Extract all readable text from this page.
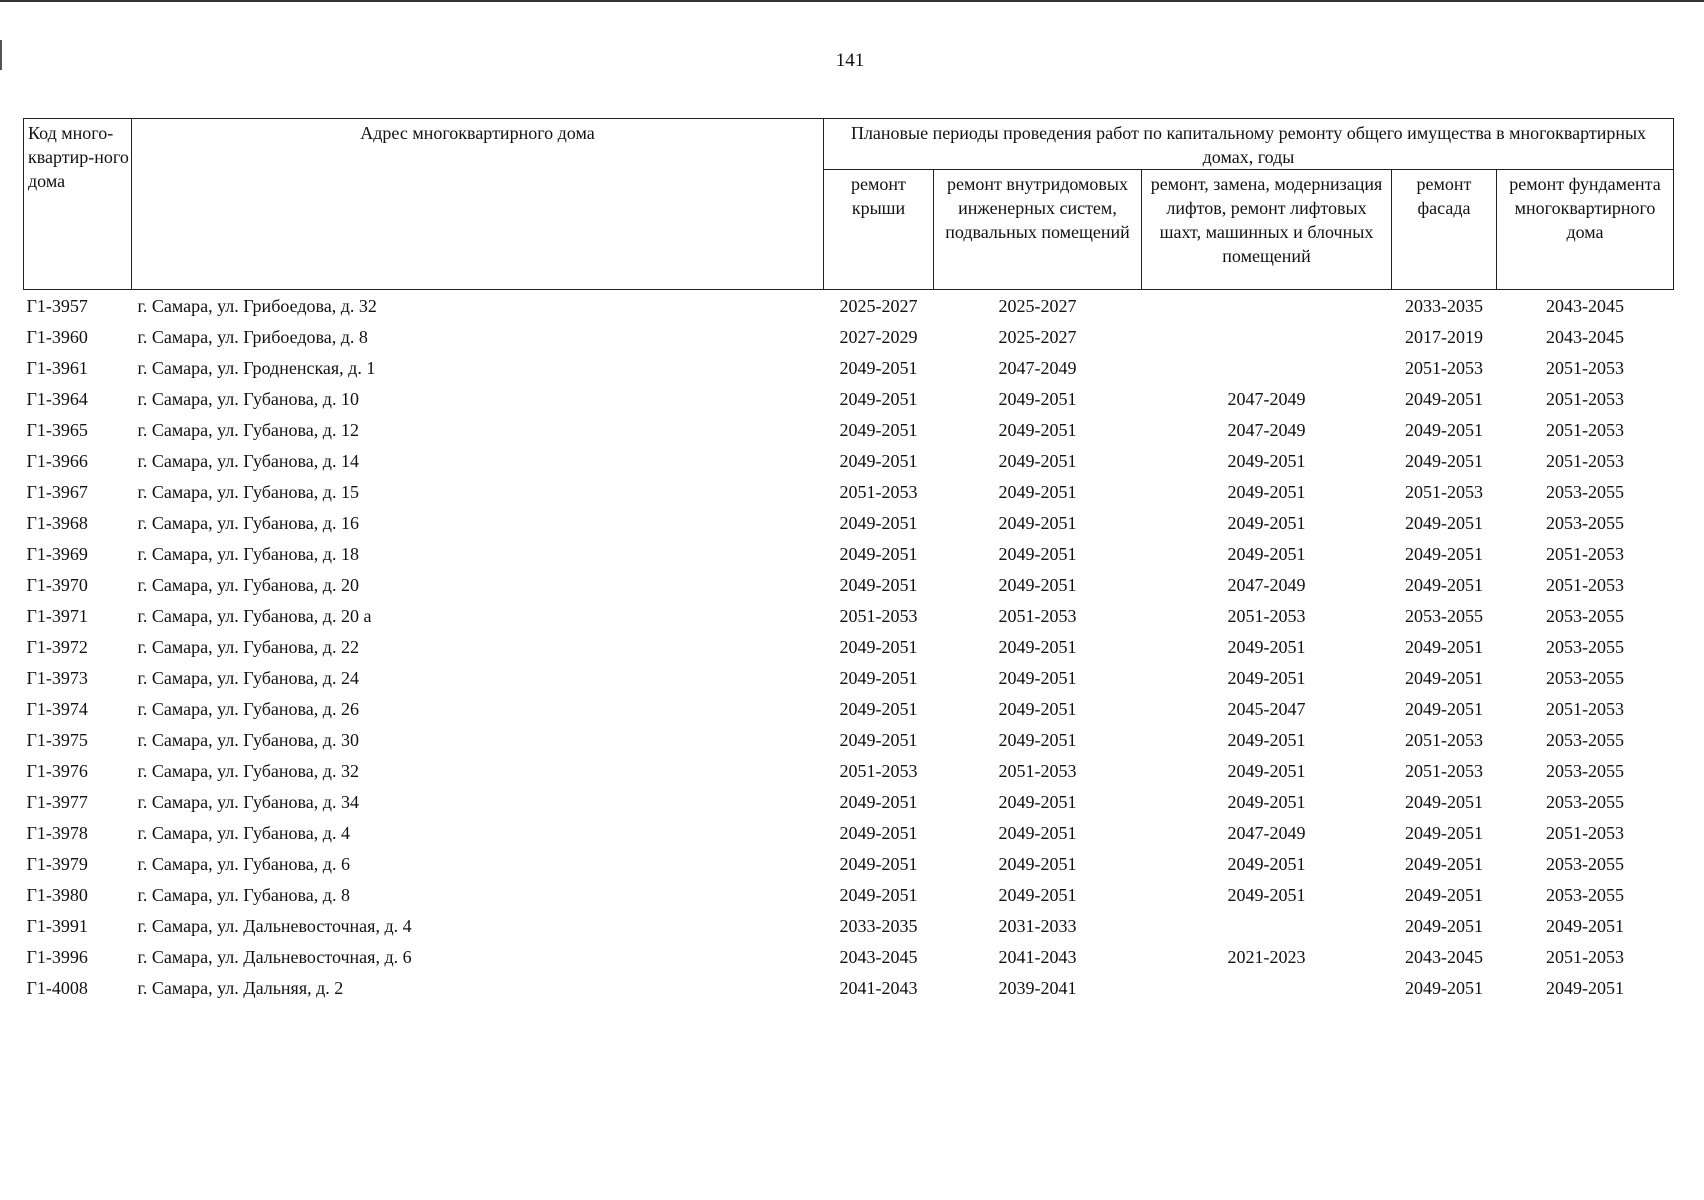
141
Код много-квартир-ного дома	Адрес многоквартирного дома	Плановые периоды проведения работ по капитальному ремонту общего имущества в многоквартирных домах, годы				
		ремонт крыши	ремонт внутридомовых инженерных систем, подвальных помещений	ремонт, замена, модернизация лифтов, ремонт лифтовых шахт, машинных и блочных помещений	ремонт фасада	ремонт фундамента многоквартирного дома
Г1-3957	г. Самара, ул. Грибоедова, д. 32	2025-2027	2025-2027		2033-2035	2043-2045
Г1-3960	г. Самара, ул. Грибоедова, д. 8	2027-2029	2025-2027		2017-2019	2043-2045
Г1-3961	г. Самара, ул. Гродненская, д. 1	2049-2051	2047-2049		2051-2053	2051-2053
Г1-3964	г. Самара, ул. Губанова, д. 10	2049-2051	2049-2051	2047-2049	2049-2051	2051-2053
Г1-3965	г. Самара, ул. Губанова, д. 12	2049-2051	2049-2051	2047-2049	2049-2051	2051-2053
Г1-3966	г. Самара, ул. Губанова, д. 14	2049-2051	2049-2051	2049-2051	2049-2051	2051-2053
Г1-3967	г. Самара, ул. Губанова, д. 15	2051-2053	2049-2051	2049-2051	2051-2053	2053-2055
Г1-3968	г. Самара, ул. Губанова, д. 16	2049-2051	2049-2051	2049-2051	2049-2051	2053-2055
Г1-3969	г. Самара, ул. Губанова, д. 18	2049-2051	2049-2051	2049-2051	2049-2051	2051-2053
Г1-3970	г. Самара, ул. Губанова, д. 20	2049-2051	2049-2051	2047-2049	2049-2051	2051-2053
Г1-3971	г. Самара, ул. Губанова, д. 20 а	2051-2053	2051-2053	2051-2053	2053-2055	2053-2055
Г1-3972	г. Самара, ул. Губанова, д. 22	2049-2051	2049-2051	2049-2051	2049-2051	2053-2055
Г1-3973	г. Самара, ул. Губанова, д. 24	2049-2051	2049-2051	2049-2051	2049-2051	2053-2055
Г1-3974	г. Самара, ул. Губанова, д. 26	2049-2051	2049-2051	2045-2047	2049-2051	2051-2053
Г1-3975	г. Самара, ул. Губанова, д. 30	2049-2051	2049-2051	2049-2051	2051-2053	2053-2055
Г1-3976	г. Самара, ул. Губанова, д. 32	2051-2053	2051-2053	2049-2051	2051-2053	2053-2055
Г1-3977	г. Самара, ул. Губанова, д. 34	2049-2051	2049-2051	2049-2051	2049-2051	2053-2055
Г1-3978	г. Самара, ул. Губанова, д. 4	2049-2051	2049-2051	2047-2049	2049-2051	2051-2053
Г1-3979	г. Самара, ул. Губанова, д. 6	2049-2051	2049-2051	2049-2051	2049-2051	2053-2055
Г1-3980	г. Самара, ул. Губанова, д. 8	2049-2051	2049-2051	2049-2051	2049-2051	2053-2055
Г1-3991	г. Самара, ул. Дальневосточная, д. 4	2033-2035	2031-2033		2049-2051	2049-2051
Г1-3996	г. Самара, ул. Дальневосточная, д. 6	2043-2045	2041-2043	2021-2023	2043-2045	2051-2053
Г1-4008	г. Самара, ул. Дальняя, д. 2	2041-2043	2039-2041		2049-2051	2049-2051
